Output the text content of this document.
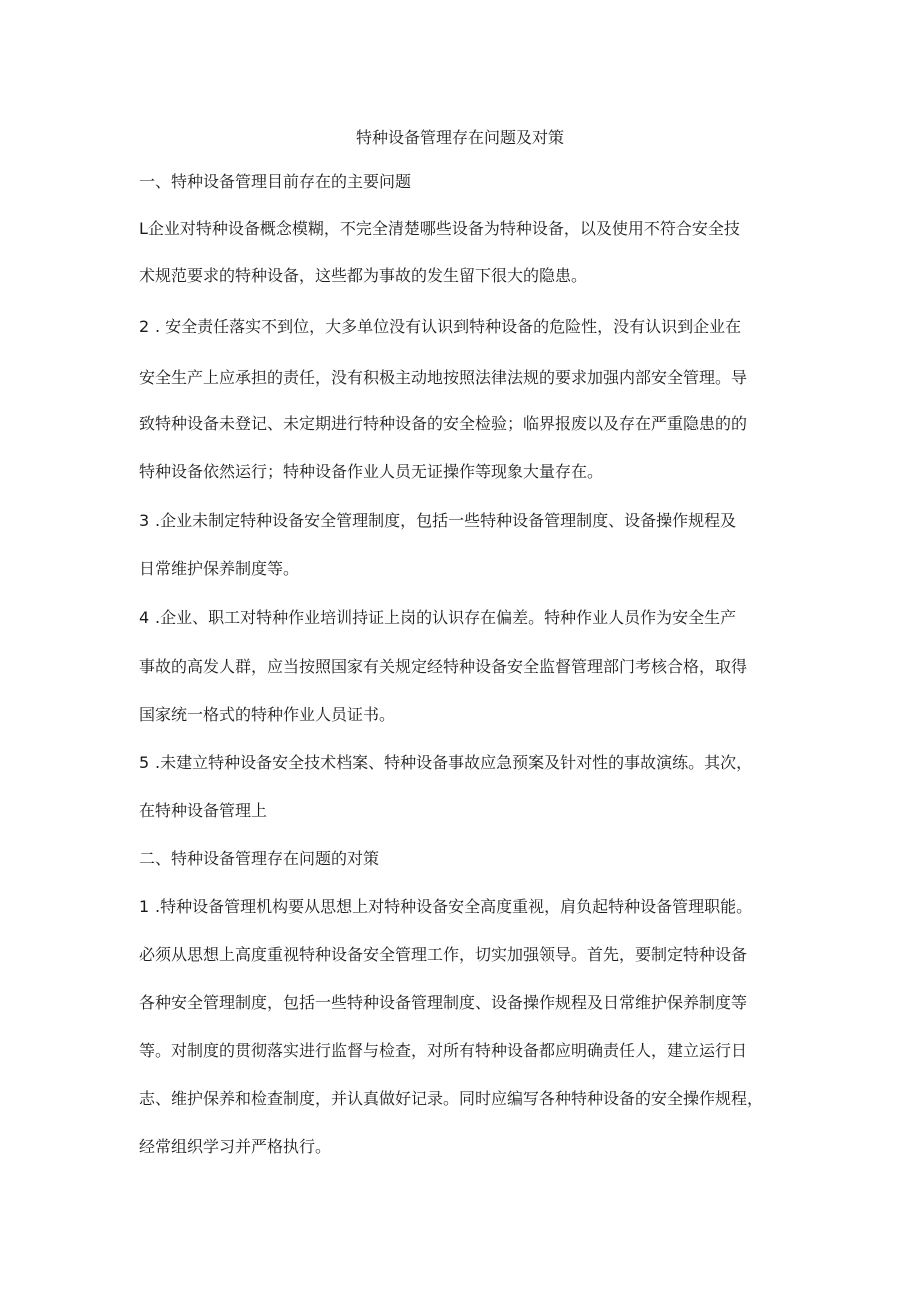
特种设备管理存在问题及对策
一、特种设备管理目前存在的主要问题
L企业对特种设备概念模糊，不完全清楚哪些设备为特种设备，以及使用不符合安全技
术规范要求的特种设备，这些都为事故的发生留下很大的隐患。
2 . 安全责任落实不到位，大多单位没有认识到特种设备的危险性，没有认识到企业在
安全生产上应承担的责任，没有积极主动地按照法律法规的要求加强内部安全管理。导
致特种设备未登记、未定期进行特种设备的安全检验；临界报废以及存在严重隐患的的
特种设备依然运行；特种设备作业人员无证操作等现象大量存在。
3 .企业未制定特种设备安全管理制度，包括一些特种设备管理制度、设备操作规程及
日常维护保养制度等。
4 .企业、职工对特种作业培训持证上岗的认识存在偏差。特种作业人员作为安全生产
事故的高发人群，应当按照国家有关规定经特种设备安全监督管理部门考核合格，取得
国家统一格式的特种作业人员证书。
5 .未建立特种设备安全技术档案、特种设备事故应急预案及针对性的事故演练。其次，
在特种设备管理上
二、特种设备管理存在问题的对策
1 .特种设备管理机构要从思想上对特种设备安全高度重视，肩负起特种设备管理职能。
必须从思想上高度重视特种设备安全管理工作，切实加强领导。首先，要制定特种设备
各种安全管理制度，包括一些特种设备管理制度、设备操作规程及日常维护保养制度等
等。对制度的贯彻落实进行监督与检查，对所有特种设备都应明确责任人，建立运行日
志、维护保养和检查制度，并认真做好记录。同时应编写各种特种设备的安全操作规程，
经常组织学习并严格执行。
